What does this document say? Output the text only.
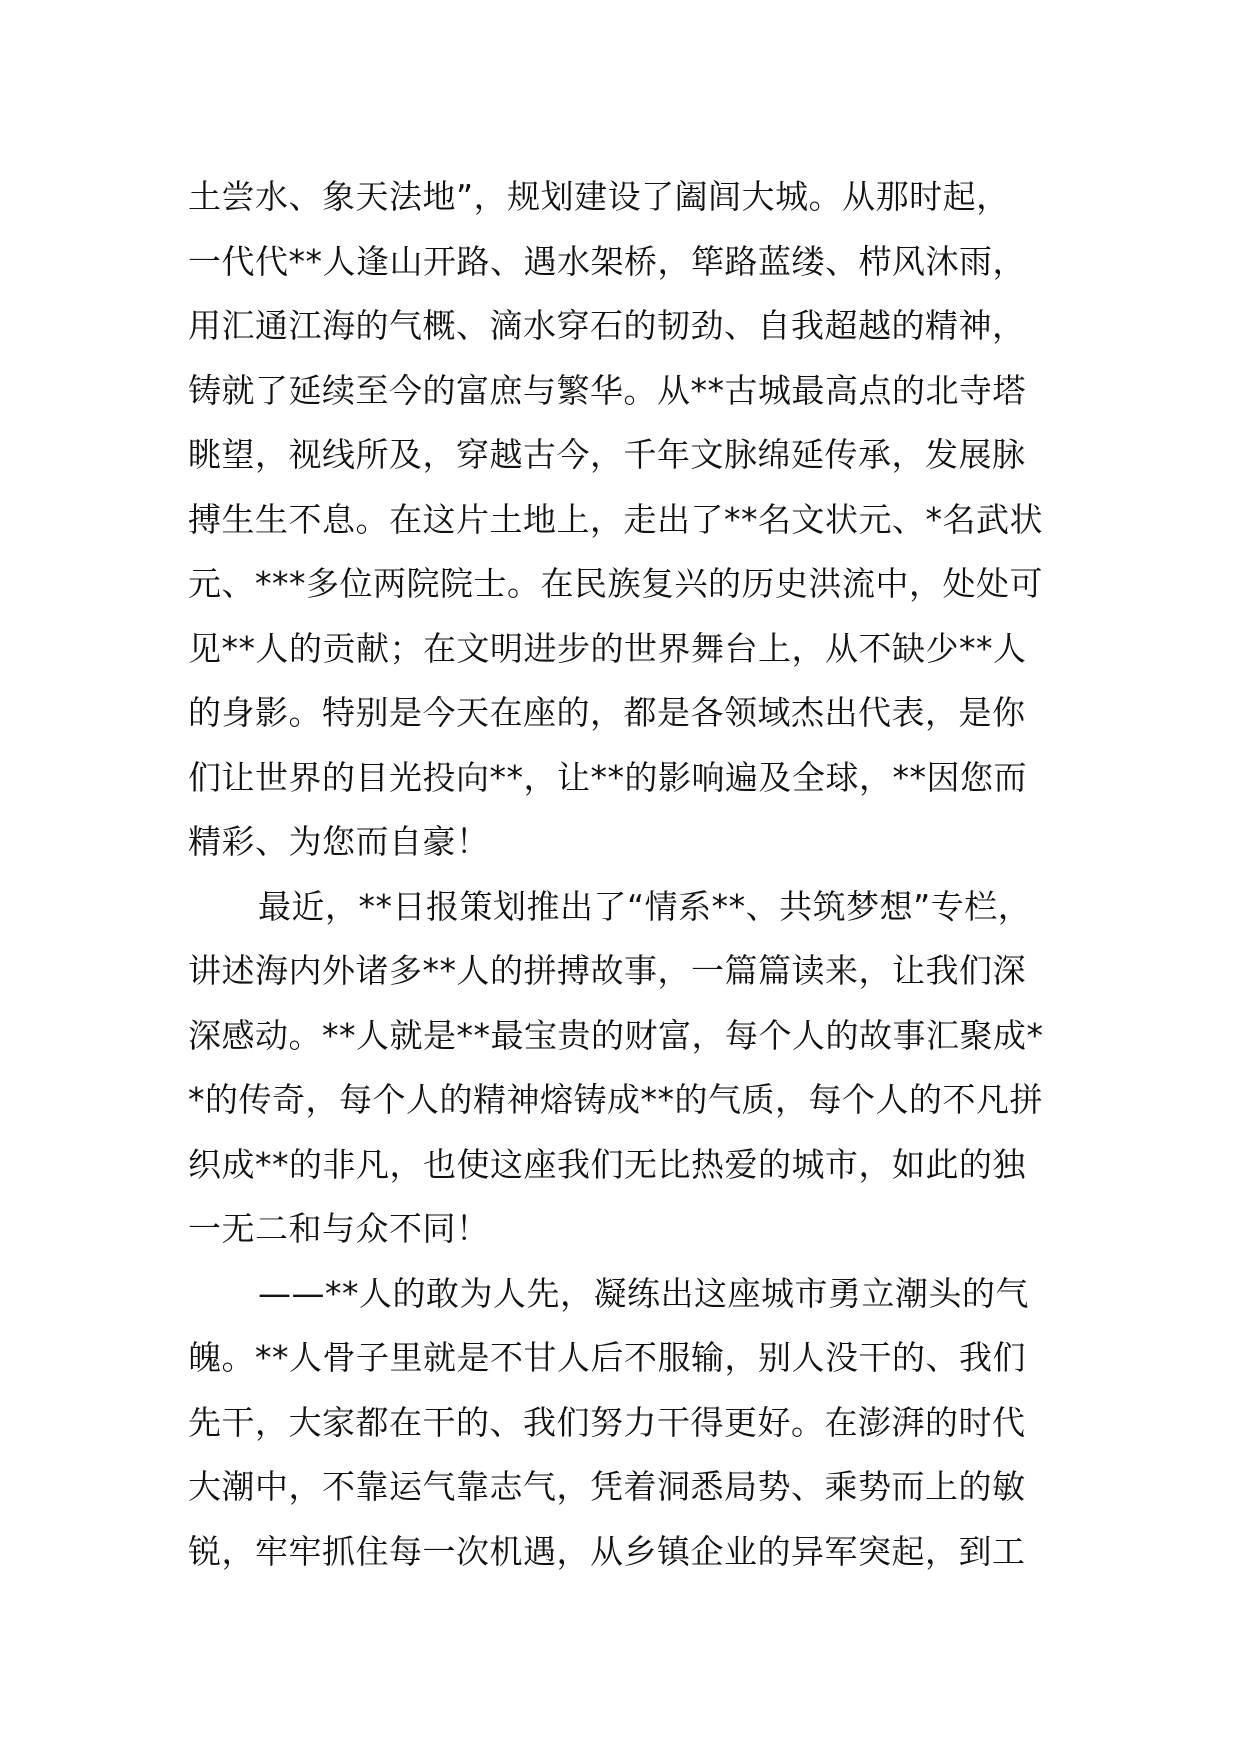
土尝水、象天法地”，规划建设了阖闾大城。从那时起，
一代代**人逢山开路、遇水架桥，筚路蓝缕、栉风沐雨，
用汇通江海的气概、滴水穿石的韧劲、自我超越的精神，
铸就了延续至今的富庶与繁华。从**古城最高点的北寺塔
眺望，视线所及，穿越古今，千年文脉绵延传承，发展脉
搏生生不息。在这片土地上，走出了**名文状元、*名武状
元、***多位两院院士。在民族复兴的历史洪流中，处处可
见**人的贡献；在文明进步的世界舞台上，从不缺少**人
的身影。特别是今天在座的，都是各领域杰出代表，是你
们让世界的目光投向**，让**的影响遍及全球，**因您而
精彩、为您而自豪！
最近，**日报策划推出了“情系**、共筑梦想”专栏，
讲述海内外诸多**人的拼搏故事，一篇篇读来，让我们深
深感动。**人就是**最宝贵的财富，每个人的故事汇聚成*
*的传奇，每个人的精神熔铸成**的气质，每个人的不凡拼
织成**的非凡，也使这座我们无比热爱的城市，如此的独
一无二和与众不同！
——**人的敢为人先，凝练出这座城市勇立潮头的气
魄。**人骨子里就是不甘人后不服输，别人没干的、我们
先干，大家都在干的、我们努力干得更好。在澎湃的时代
大潮中，不靠运气靠志气，凭着洞悉局势、乘势而上的敏
锐，牢牢抓住每一次机遇，从乡镇企业的异军突起，到工
